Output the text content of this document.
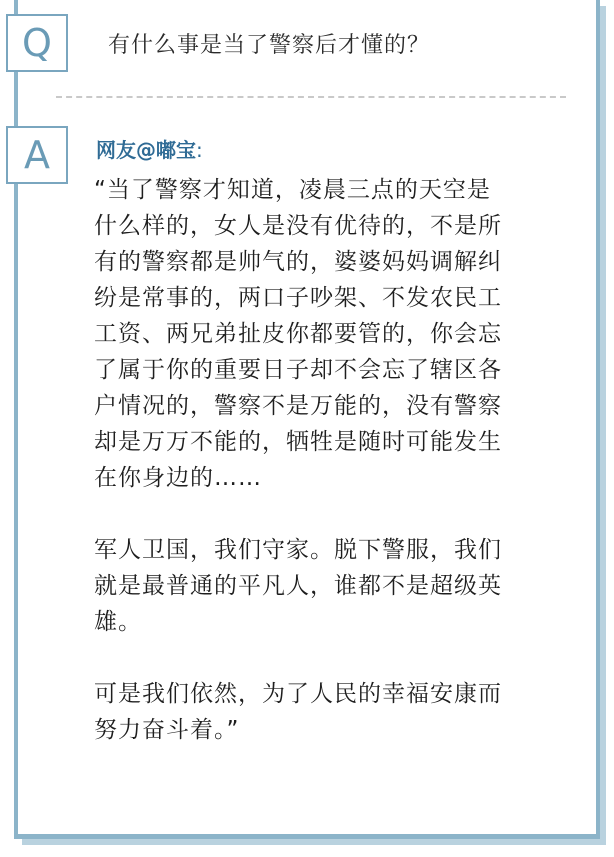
Q	有什么事是当了警察后才懂的？
A	网友@嘟宝:

“当了警察才知道，凌晨三点的天空是
什么样的，女人是没有优待的，不是所
有的警察都是帅气的，婆婆妈妈调解纠
纷是常事的，两口子吵架、不发农民工
工资、两兄弟扯皮你都要管的，你会忘
了属于你的重要日子却不会忘了辖区各
户情况的，警察不是万能的，没有警察
却是万万不能的，牺牲是随时可能发生
在你身边的……

军人卫国，我们守家。脱下警服，我们
就是最普通的平凡人，谁都不是超级英
雄。

可是我们依然，为了人民的幸福安康而
努力奋斗着。”
